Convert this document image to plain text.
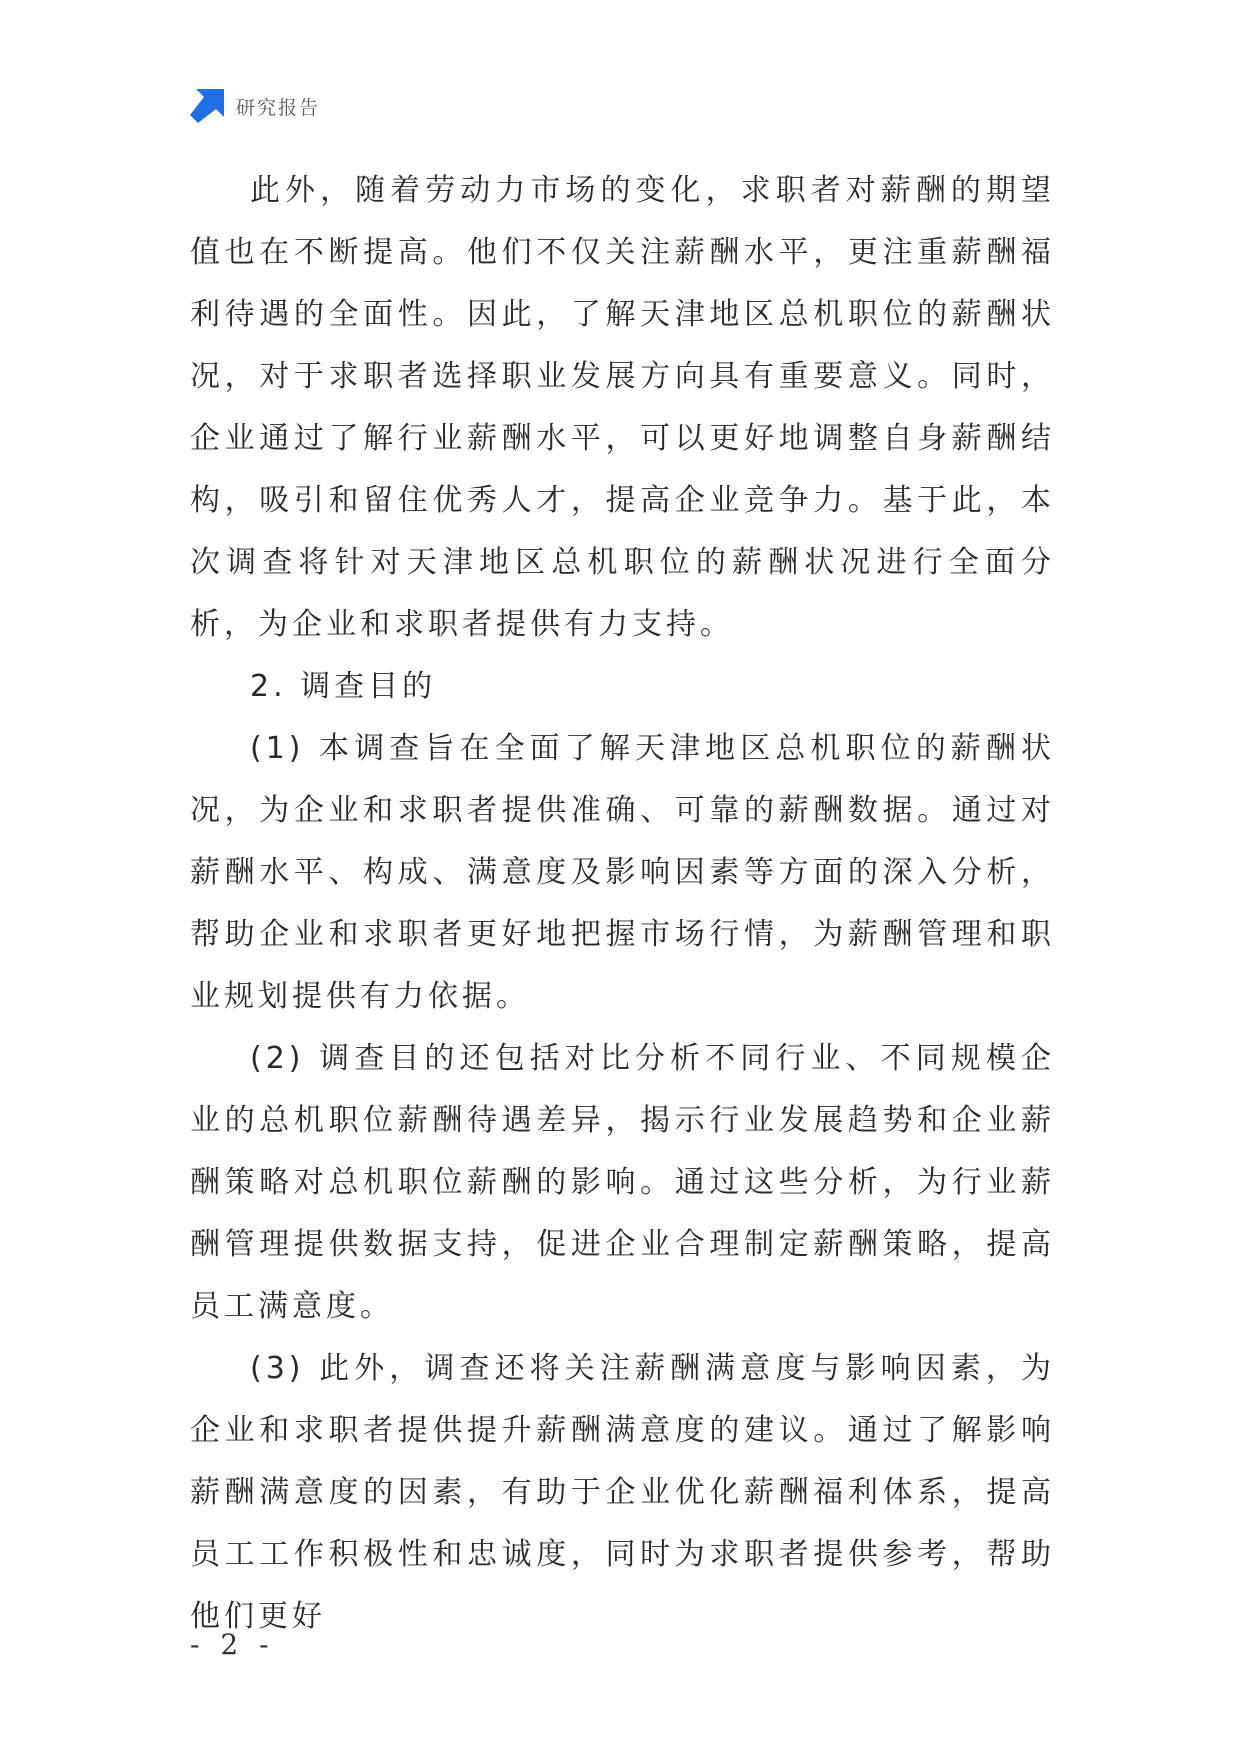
研究报告

此外，随着劳动力市场的变化，求职者对薪酬的期望值也在不断提高。他们不仅关注薪酬水平，更注重薪酬福利待遇的全面性。因此，了解天津地区总机职位的薪酬状况，对于求职者选择职业发展方向具有重要意义。同时，企业通过了解行业薪酬水平，可以更好地调整自身薪酬结构，吸引和留住优秀人才，提高企业竞争力。基于此，本次调查将针对天津地区总机职位的薪酬状况进行全面分析，为企业和求职者提供有力支持。

2. 调查目的

(1) 本调查旨在全面了解天津地区总机职位的薪酬状况，为企业和求职者提供准确、可靠的薪酬数据。通过对薪酬水平、构成、满意度及影响因素等方面的深入分析，帮助企业和求职者更好地把握市场行情，为薪酬管理和职业规划提供有力依据。

(2) 调查目的还包括对比分析不同行业、不同规模企业的总机职位薪酬待遇差异，揭示行业发展趋势和企业薪酬策略对总机职位薪酬的影响。通过这些分析，为行业薪酬管理提供数据支持，促进企业合理制定薪酬策略，提高员工满意度。

(3) 此外，调查还将关注薪酬满意度与影响因素，为企业和求职者提供提升薪酬满意度的建议。通过了解影响薪酬满意度的因素，有助于企业优化薪酬福利体系，提高员工工作积极性和忠诚度，同时为求职者提供参考，帮助他们更好

- 2 -
